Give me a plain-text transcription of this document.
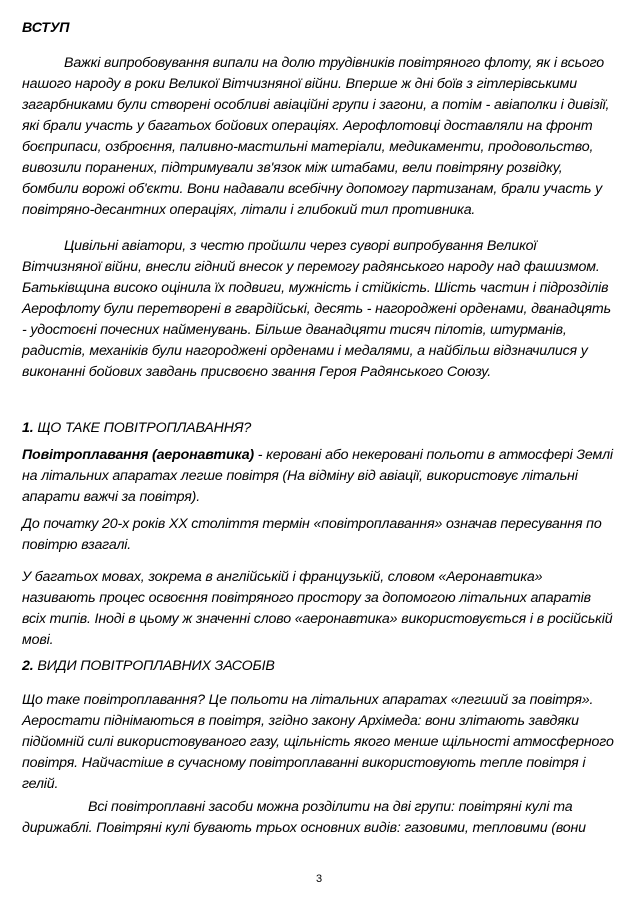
ВСТУП

Важкі випробовування випали на долю трудівників повітряного флоту, як і всього нашого народу в роки Великої Вітчизняної війни. Вперше ж дні боїв з гітлерівськими загарбниками були створені особливі авіаційні групи і загони, а потім - авіаполки і дивізії, які брали участь у багатьох бойових операціях. Аерофлотовці доставляли на фронт боєприпаси, озброєння, паливно-мастильні матеріали, медикаменти, продовольство, вивозили поранених, підтримували зв'язок між штабами, вели повітряну розвідку, бомбили ворожі об'єкти. Вони надавали всебічну допомогу партизанам, брали участь у повітряно-десантних операціях, літали і глибокий тил противника.

Цивільні авіатори, з честю пройшли через суворі випробування Великої Вітчизняної війни, внесли гідний внесок у перемогу радянського народу над фашизмом. Батьківщина високо оцінила їх подвиги, мужність і стійкість. Шість частин і підрозділів Аерофлоту були перетворені в гвардійські, десять - нагороджені орденами, дванадцять - удостоєні почесних найменувань. Більше дванадцяти тисяч пілотів, штурманів, радистів, механіків були нагороджені орденами і медалями, а найбільш відзначилися у виконанні бойових завдань присвоєно звання Героя Радянського Союзу.

1. ЩО ТАКЕ ПОВІТРОПЛАВАННЯ?

Повітроплавання (аеронавтика) - керовані або некеровані польоти в атмосфері Землі на літальних апаратах легше повітря (На відміну від авіації, використовує літальні апарати важчі за повітря).

До початку 20-х років XX століття термін «повітроплавання» означав пересування по повітрю взагалі.

У багатьох мовах, зокрема в англійській і французькій, словом «Аеронавтика» називають процес освоєння повітряного простору за допомогою літальних апаратів всіх типів. Іноді в цьому ж значенні слово «аеронавтика» використовується і в російській мові.

2. ВИДИ ПОВІТРОПЛАВНИХ ЗАСОБІВ

Що таке повітроплавання? Це польоти на літальних апаратах «легший за повітря». Аеростати піднімаються в повітря, згідно закону Архімеда: вони злітають завдяки підйомній силі використовуваного газу, щільність якого менше щільності атмосферного повітря. Найчастіше в сучасному повітроплаванні використовують тепле повітря і гелій.

Всі повітроплавні засоби можна розділити на дві групи: повітряні кулі та дирижаблі. Повітряні кулі бувають трьох основних видів: газовими, тепловими (вони

3
